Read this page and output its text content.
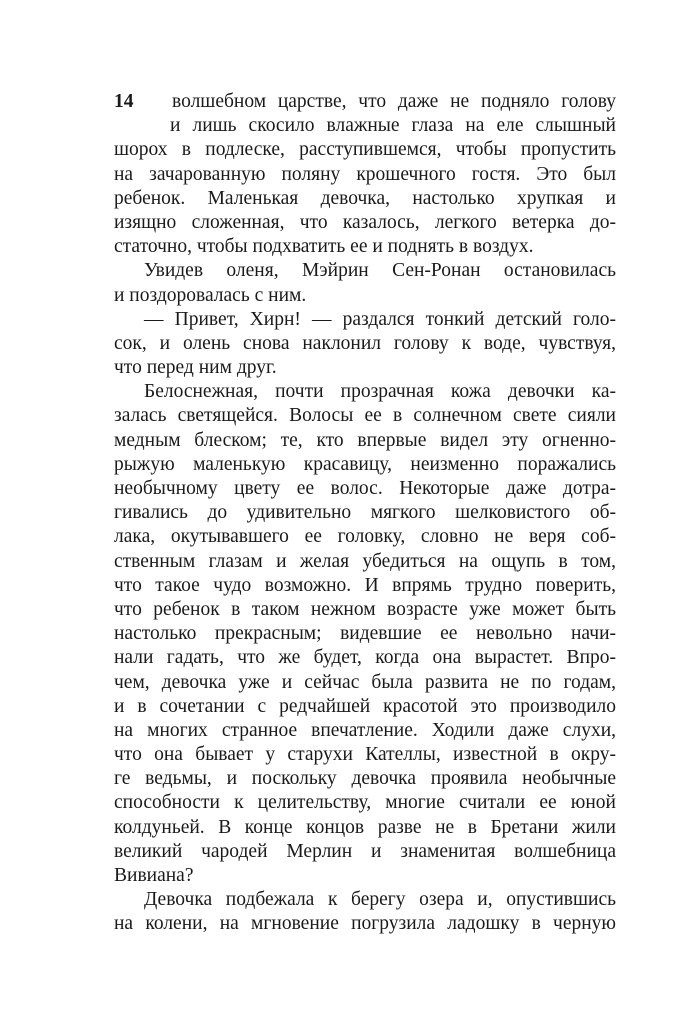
14	волшебном царстве, что даже не подняло голову
и лишь скосило влажные глаза на еле слышный
шорох в подлеске, расступившемся, чтобы пропустить
на зачарованную поляну крошечного гостя. Это был
ребенок. Маленькая девочка, настолько хрупкая и
изящно сложенная, что казалось, легкого ветерка до-
статочно, чтобы подхватить ее и поднять в воздух.
Увидев оленя, Мэйрин Сен-Ронан остановилась
и поздоровалась с ним.
— Привет, Хирн! — раздался тонкий детский голо-
сок, и олень снова наклонил голову к воде, чувствуя,
что перед ним друг.
Белоснежная, почти прозрачная кожа девочки ка-
залась светящейся. Волосы ее в солнечном свете сияли
медным блеском; те, кто впервые видел эту огненно-
рыжую маленькую красавицу, неизменно поражались
необычному цвету ее волос. Некоторые даже дотра-
гивались до удивительно мягкого шелковистого об-
лака, окутывавшего ее головку, словно не веря соб-
ственным глазам и желая убедиться на ощупь в том,
что такое чудо возможно. И впрямь трудно поверить,
что ребенок в таком нежном возрасте уже может быть
настолько прекрасным; видевшие ее невольно начи-
нали гадать, что же будет, когда она вырастет. Впро-
чем, девочка уже и сейчас была развита не по годам,
и в сочетании с редчайшей красотой это производило
на многих странное впечатление. Ходили даже слухи,
что она бывает у старухи Кателлы, известной в окру-
ге ведьмы, и поскольку девочка проявила необычные
способности к целительству, многие считали ее юной
колдуньей. В конце концов разве не в Бретани жили
великий чародей Мерлин и знаменитая волшебница
Вивиана?
Девочка подбежала к берегу озера и, опустившись
на колени, на мгновение погрузила ладошку в черную
